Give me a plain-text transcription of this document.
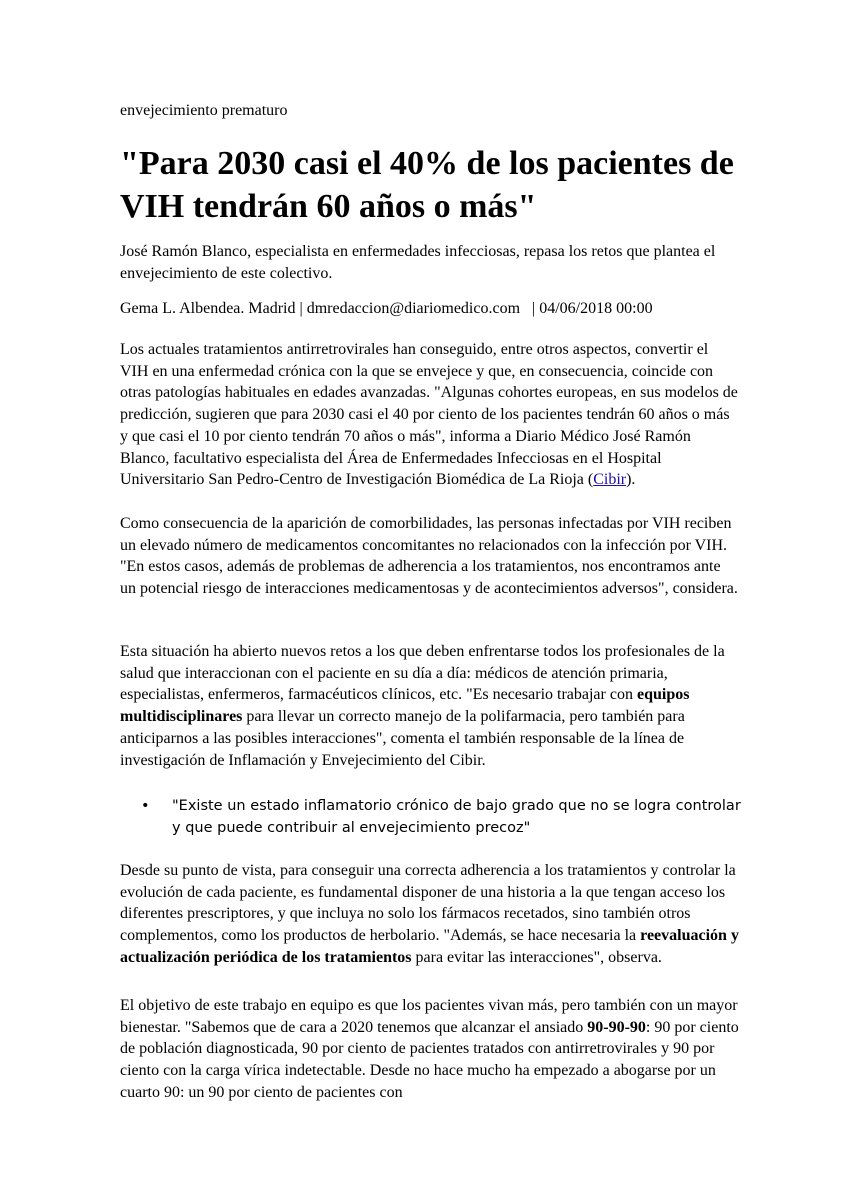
envejecimiento prematuro
"Para 2030 casi el 40% de los pacientes de VIH tendrán 60 años o más"
José Ramón Blanco, especialista en enfermedades infecciosas, repasa los retos que plantea el envejecimiento de este colectivo.
Gema L. Albendea. Madrid | dmredaccion@diariomedico.com   | 04/06/2018 00:00

Los actuales tratamientos antirretrovirales han conseguido, entre otros aspectos, convertir el VIH en una enfermedad crónica con la que se envejece y que, en consecuencia, coincide con otras patologías habituales en edades avanzadas. "Algunas cohortes europeas, en sus modelos de predicción, sugieren que para 2030 casi el 40 por ciento de los pacientes tendrán 60 años o más y que casi el 10 por ciento tendrán 70 años o más", informa a Diario Médico José Ramón Blanco, facultativo especialista del Área de Enfermedades Infecciosas en el Hospital Universitario San Pedro-Centro de Investigación Biomédica de La Rioja (Cibir).

Como consecuencia de la aparición de comorbilidades, las personas infectadas por VIH reciben un elevado número de medicamentos concomitantes no relacionados con la infección por VIH. "En estos casos, además de problemas de adherencia a los tratamientos, nos encontramos ante un potencial riesgo de interacciones medicamentosas y de acontecimientos adversos", considera.

Esta situación ha abierto nuevos retos a los que deben enfrentarse todos los profesionales de la salud que interaccionan con el paciente en su día a día: médicos de atención primaria, especialistas, enfermeros, farmacéuticos clínicos, etc. "Es necesario trabajar con equipos multidisciplinares para llevar un correcto manejo de la polifarmacia, pero también para anticiparnos a las posibles interacciones", comenta el también responsable de la línea de investigación de Inflamación y Envejecimiento del Cibir.

•	"Existe un estado inflamatorio crónico de bajo grado que no se logra controlar y que puede contribuir al envejecimiento precoz"

Desde su punto de vista, para conseguir una correcta adherencia a los tratamientos y controlar la evolución de cada paciente, es fundamental disponer de una historia a la que tengan acceso los diferentes prescriptores, y que incluya no solo los fármacos recetados, sino también otros complementos, como los productos de herbolario. "Además, se hace necesaria la reevaluación y actualización periódica de los tratamientos para evitar las interacciones", observa.

El objetivo de este trabajo en equipo es que los pacientes vivan más, pero también con un mayor bienestar. "Sabemos que de cara a 2020 tenemos que alcanzar el ansiado 90-90-90: 90 por ciento de población diagnosticada, 90 por ciento de pacientes tratados con antirretrovirales y 90 por ciento con la carga vírica indetectable. Desde no hace mucho ha empezado a abogarse por un cuarto 90: un 90 por ciento de pacientes con
